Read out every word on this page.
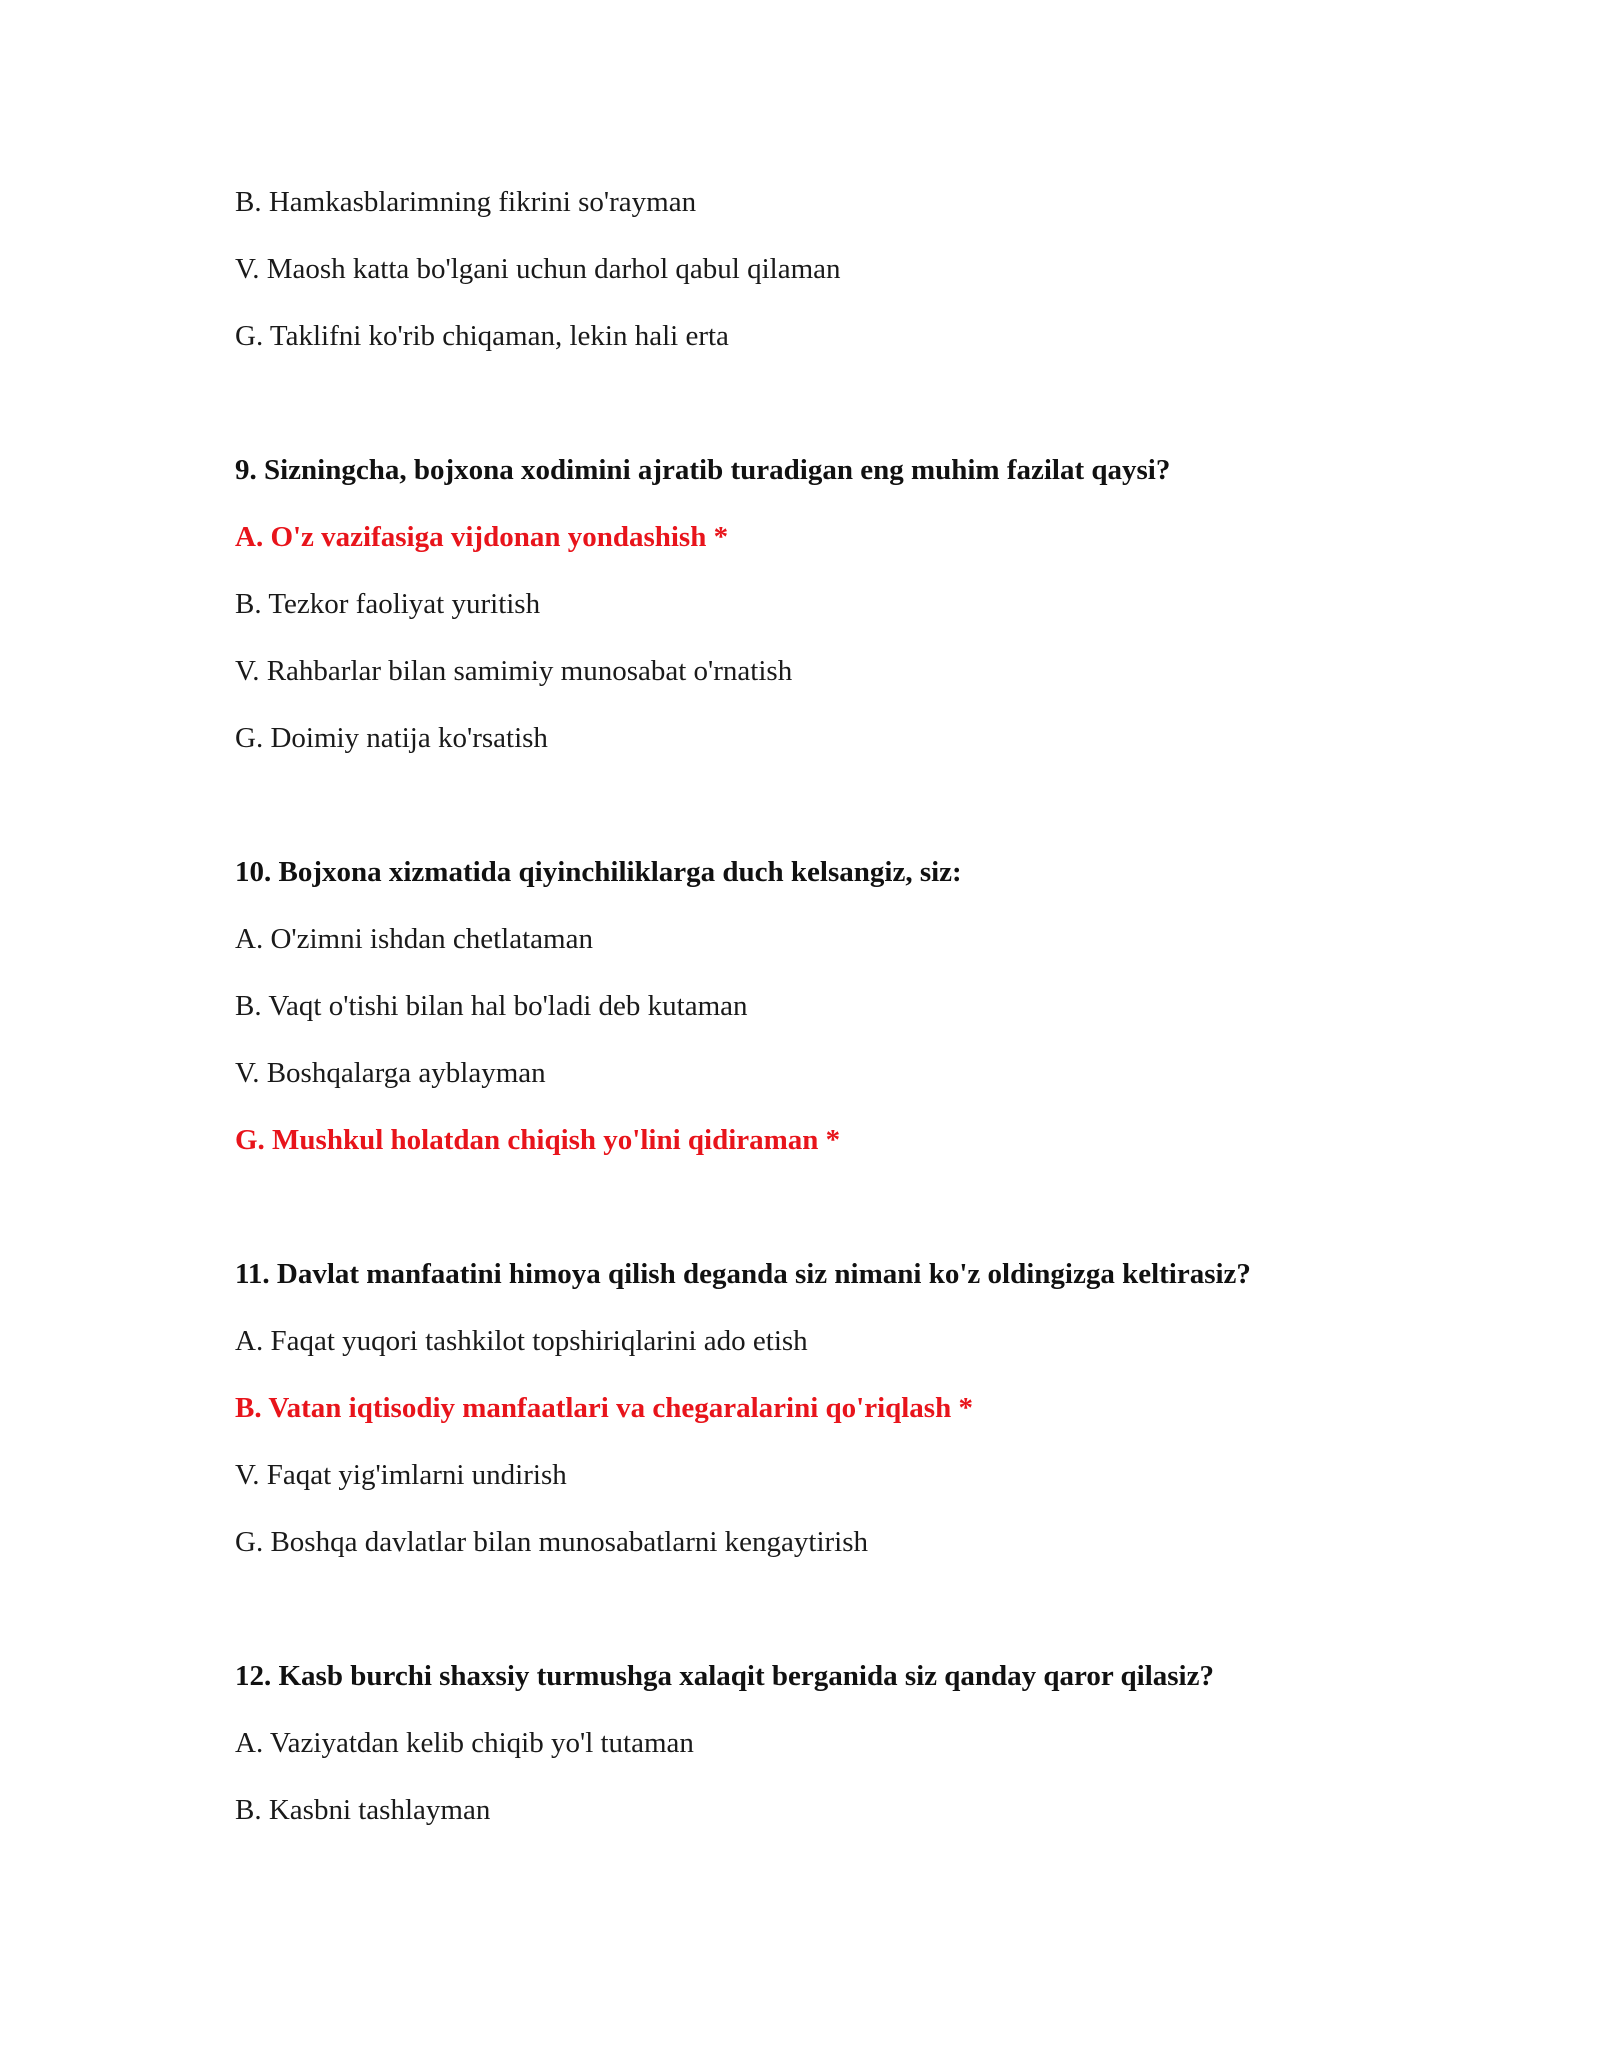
B. Hamkasblarimning fikrini so'rayman
V. Maosh katta bo'lgani uchun darhol qabul qilaman
G. Taklifni ko'rib chiqaman, lekin hali erta
9. Sizningcha, bojxona xodimini ajratib turadigan eng muhim fazilat qaysi?
A. O'z vazifasiga vijdonan yondashish *
B. Tezkor faoliyat yuritish
V. Rahbarlar bilan samimiy munosabat o'rnatish
G. Doimiy natija ko'rsatish
10. Bojxona xizmatida qiyinchiliklarga duch kelsangiz, siz:
A. O'zimni ishdan chetlataman
B. Vaqt o'tishi bilan hal bo'ladi deb kutaman
V. Boshqalarga ayblayman
G. Mushkul holatdan chiqish yo'lini qidiraman *
11. Davlat manfaatini himoya qilish deganda siz nimani ko'z oldingizga keltirasiz?
A. Faqat yuqori tashkilot topshiriqlarini ado etish
B. Vatan iqtisodiy manfaatlari va chegaralarini qo'riqlash *
V. Faqat yig'imlarni undirish
G. Boshqa davlatlar bilan munosabatlarni kengaytirish
12. Kasb burchi shaxsiy turmushga xalaqit berganida siz qanday qaror qilasiz?
A. Vaziyatdan kelib chiqib yo'l tutaman
B. Kasbni tashlayman
